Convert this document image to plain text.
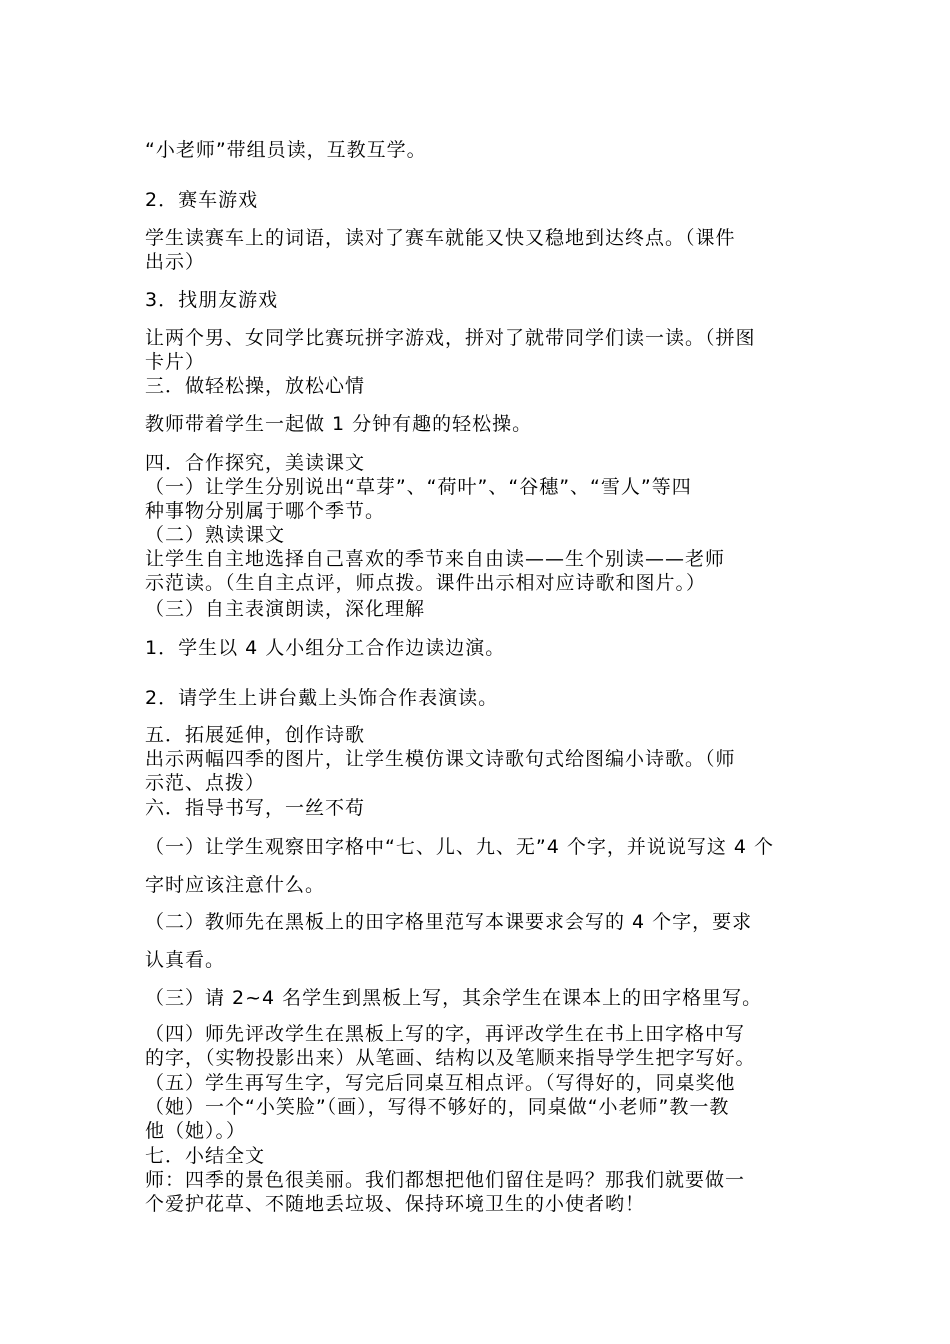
“小老师”带组员读，互教互学。
2．赛车游戏
学生读赛车上的词语，读对了赛车就能又快又稳地到达终点。（课件
出示）
3．找朋友游戏
让两个男、女同学比赛玩拼字游戏，拼对了就带同学们读一读。（拼图
卡片）
三．做轻松操，放松心情
教师带着学生一起做 1 分钟有趣的轻松操。
四．合作探究，美读课文
（一）让学生分别说出“草芽”、“荷叶”、“谷穗”、“雪人”等四
种事物分别属于哪个季节。
（二）熟读课文
让学生自主地选择自己喜欢的季节来自由读——生个别读——老师
示范读。（生自主点评，师点拨。课件出示相对应诗歌和图片。）
（三）自主表演朗读，深化理解
1．学生以 4 人小组分工合作边读边演。
2．请学生上讲台戴上头饰合作表演读。
五．拓展延伸，创作诗歌
出示两幅四季的图片，让学生模仿课文诗歌句式给图编小诗歌。（师
示范、点拨）
六．指导书写，一丝不苟
（一）让学生观察田字格中“七、儿、九、无”4 个字，并说说写这 4 个
字时应该注意什么。
（二）教师先在黑板上的田字格里范写本课要求会写的 4 个字，要求
认真看。
（三）请 2~4 名学生到黑板上写，其余学生在课本上的田字格里写。
（四）师先评改学生在黑板上写的字，再评改学生在书上田字格中写
的字，（实物投影出来）从笔画、结构以及笔顺来指导学生把字写好。
（五）学生再写生字，写完后同桌互相点评。（写得好的，同桌奖他
（她）一个“小笑脸”（画），写得不够好的，同桌做“小老师”教一教
他（她）。）
七．小结全文
师：四季的景色很美丽。我们都想把他们留住是吗？那我们就要做一
个爱护花草、不随地丢垃圾、保持环境卫生的小使者哟！
